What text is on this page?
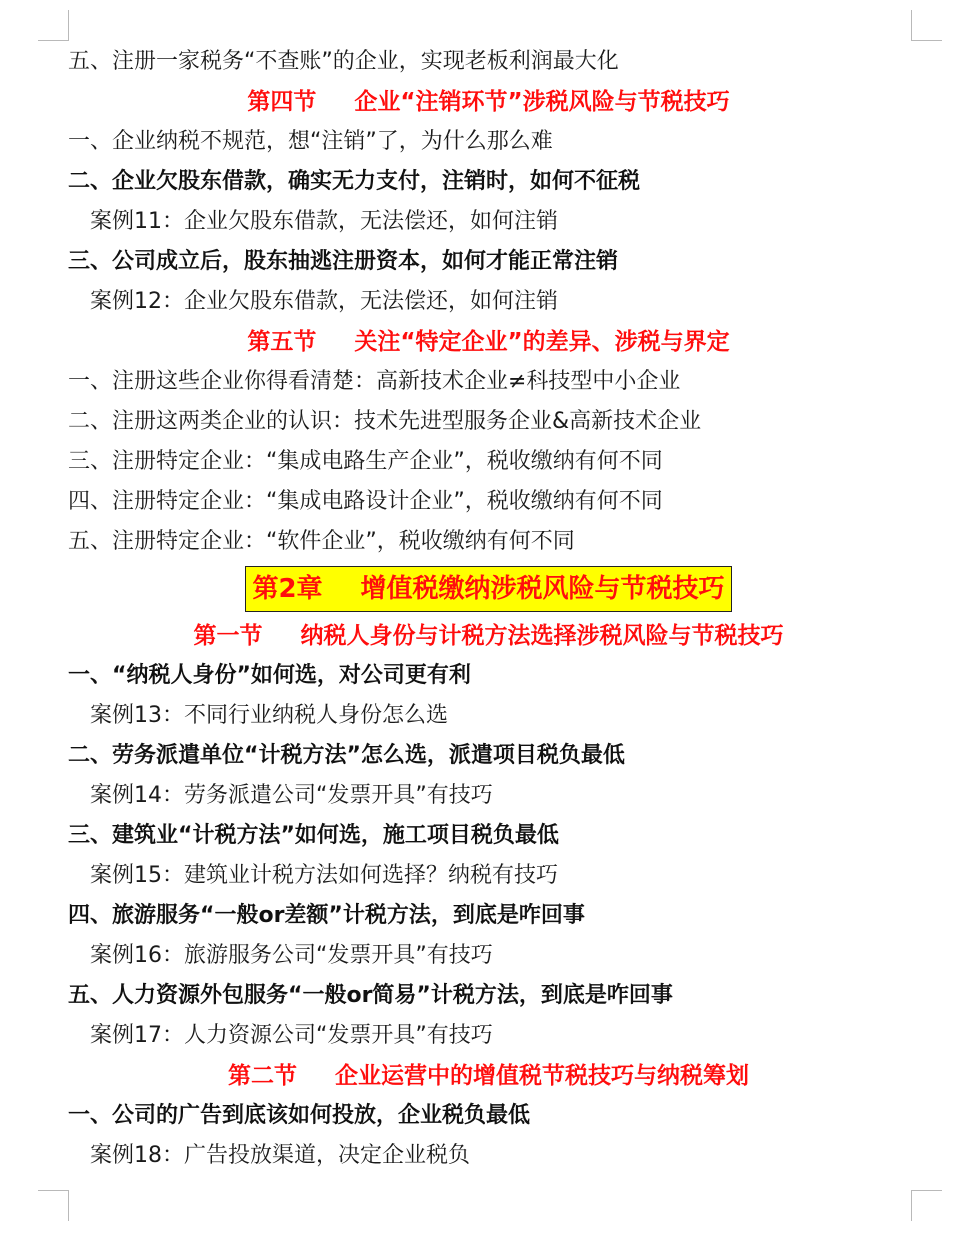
五、注册一家税务“不查账”的企业，实现老板利润最大化
第四节 企业“注销环节”涉税风险与节税技巧
一、企业纳税不规范，想“注销”了，为什么那么难
二、企业欠股东借款，确实无力支付，注销时，如何不征税
案例11：企业欠股东借款，无法偿还，如何注销
三、公司成立后，股东抽逃注册资本，如何才能正常注销
案例12：企业欠股东借款，无法偿还，如何注销
第五节 关注“特定企业”的差异、涉税与界定
一、注册这些企业你得看清楚：高新技术企业≠科技型中小企业
二、注册这两类企业的认识：技术先进型服务企业&高新技术企业
三、注册特定企业：“集成电路生产企业”，税收缴纳有何不同
四、注册特定企业：“集成电路设计企业”，税收缴纳有何不同
五、注册特定企业：“软件企业”，税收缴纳有何不同
第2章 增值税缴纳涉税风险与节税技巧
第一节 纳税人身份与计税方法选择涉税风险与节税技巧
一、“纳税人身份”如何选，对公司更有利
案例13：不同行业纳税人身份怎么选
二、劳务派遣单位“计税方法”怎么选，派遣项目税负最低
案例14：劳务派遣公司“发票开具”有技巧
三、建筑业“计税方法”如何选，施工项目税负最低
案例15：建筑业计税方法如何选择？纳税有技巧
四、旅游服务“一般or差额”计税方法，到底是咋回事
案例16：旅游服务公司“发票开具”有技巧
五、人力资源外包服务“一般or简易”计税方法，到底是咋回事
案例17：人力资源公司“发票开具”有技巧
第二节 企业运营中的增值税节税技巧与纳税筹划
一、公司的广告到底该如何投放，企业税负最低
案例18：广告投放渠道，决定企业税负
